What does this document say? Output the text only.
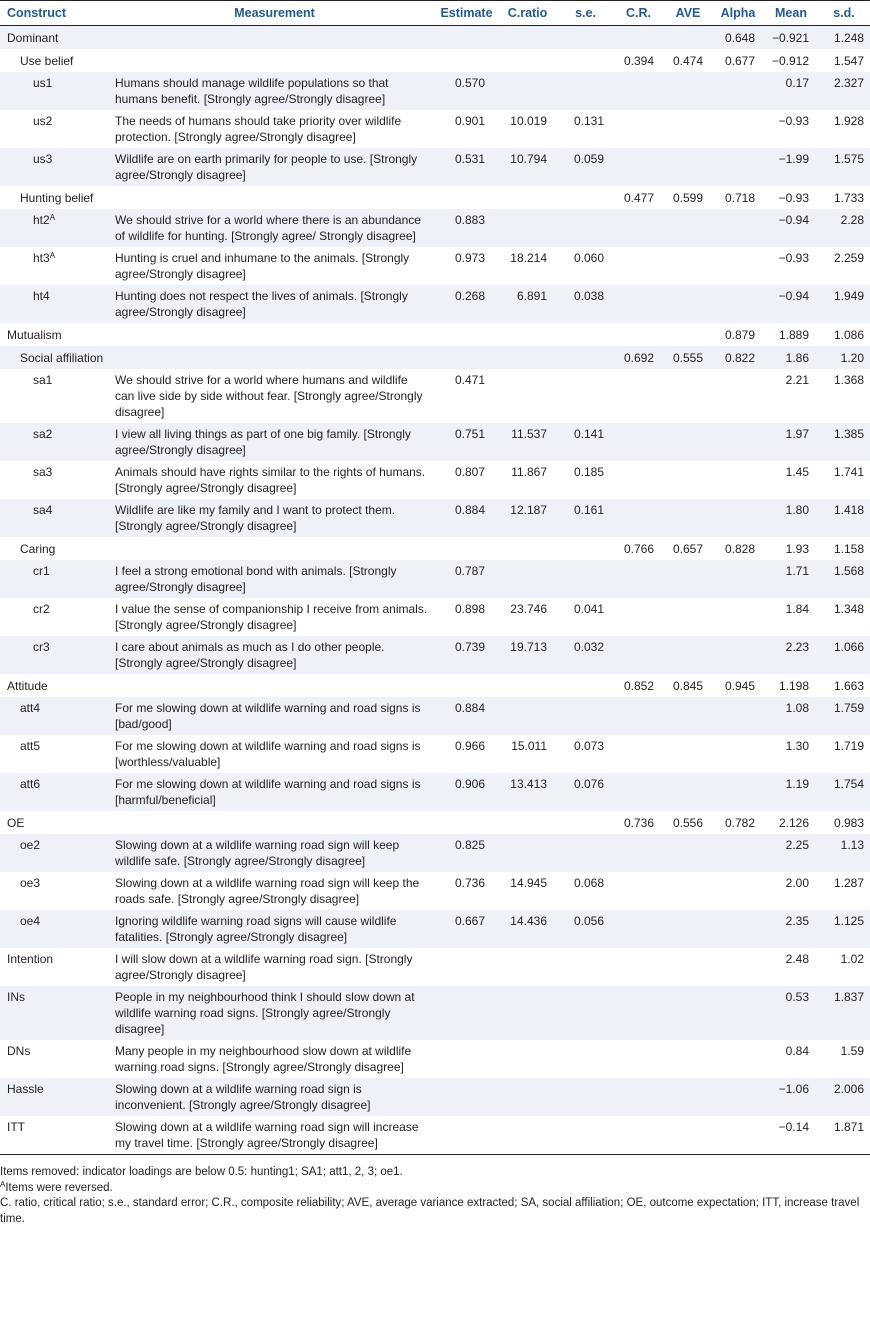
Construct	Measurement	Estimate	C.ratio	s.e.	C.R.	AVE	Alpha	Mean	s.d.
Dominant							0.648	−0.921	1.248
Use belief					0.394	0.474	0.677	−0.912	1.547
us1	Humans should manage wildlife populations so that humans benefit. [Strongly agree/Strongly disagree]	0.570						0.17	2.327
us2	The needs of humans should take priority over wildlife protection. [Strongly agree/Strongly disagree]	0.901	10.019	0.131				−0.93	1.928
us3	Wildlife are on earth primarily for people to use. [Strongly agree/Strongly disagree]	0.531	10.794	0.059				−1.99	1.575
Hunting belief					0.477	0.599	0.718	−0.93	1.733
$ht2^A$	We should strive for a world where there is an abundance of wildlife for hunting. [Strongly agree/ Strongly disagree]	0.883						−0.94	2.28
$ht3^A$	Hunting is cruel and inhumane to the animals. [Strongly agree/Strongly disagree]	0.973	18.214	0.060				−0.93	2.259
ht4	Hunting does not respect the lives of animals. [Strongly agree/Strongly disagree]	0.268	6.891	0.038				−0.94	1.949
Mutualism							0.879	1.889	1.086
Social affiliation					0.692	0.555	0.822	1.86	1.20
sa1	We should strive for a world where humans and wildlife can live side by side without fear. [Strongly agree/Strongly disagree]	0.471						2.21	1.368
sa2	I view all living things as part of one big family. [Strongly agree/Strongly disagree]	0.751	11.537	0.141				1.97	1.385
sa3	Animals should have rights similar to the rights of humans. [Strongly agree/Strongly disagree]	0.807	11.867	0.185				1.45	1.741
sa4	Wildlife are like my family and I want to protect them. [Strongly agree/Strongly disagree]	0.884	12.187	0.161				1.80	1.418
Caring					0.766	0.657	0.828	1.93	1.158
cr1	I feel a strong emotional bond with animals. [Strongly agree/Strongly disagree]	0.787						1.71	1.568
cr2	I value the sense of companionship I receive from animals. [Strongly agree/Strongly disagree]	0.898	23.746	0.041				1.84	1.348
cr3	I care about animals as much as I do other people. [Strongly agree/Strongly disagree]	0.739	19.713	0.032				2.23	1.066
Attitude					0.852	0.845	0.945	1.198	1.663
att4	For me slowing down at wildlife warning and road signs is [bad/good]	0.884						1.08	1.759
att5	For me slowing down at wildlife warning and road signs is [worthless/valuable]	0.966	15.011	0.073				1.30	1.719
att6	For me slowing down at wildlife warning and road signs is [harmful/beneficial]	0.906	13.413	0.076				1.19	1.754
OE					0.736	0.556	0.782	2.126	0.983
oe2	Slowing down at a wildlife warning road sign will keep wildlife safe. [Strongly agree/Strongly disagree]	0.825						2.25	1.13
oe3	Slowing down at a wildlife warning road sign will keep the roads safe. [Strongly agree/Strongly disagree]	0.736	14.945	0.068				2.00	1.287
oe4	Ignoring wildlife warning road signs will cause wildlife fatalities. [Strongly agree/Strongly disagree]	0.667	14.436	0.056				2.35	1.125
Intention	I will slow down at a wildlife warning road sign. [Strongly agree/Strongly disagree]							2.48	1.02
INs	People in my neighbourhood think I should slow down at wildlife warning road signs. [Strongly agree/Strongly disagree]							0.53	1.837
DNs	Many people in my neighbourhood slow down at wildlife warning road signs. [Strongly agree/Strongly disagree]							0.84	1.59
Hassle	Slowing down at a wildlife warning road sign is inconvenient. [Strongly agree/Strongly disagree]							−1.06	2.006
ITT	Slowing down at a wildlife warning road sign will increase my travel time. [Strongly agree/Strongly disagree]							−0.14	1.871

Items removed: indicator loadings are below 0.5: hunting1; SA1; att1, 2, 3; oe1.

$^A$Items were reversed.

C. ratio, critical ratio; s.e., standard error; C.R., composite reliability; AVE, average variance extracted; SA, social affiliation; OE, outcome expectation; ITT, increase travel time.
